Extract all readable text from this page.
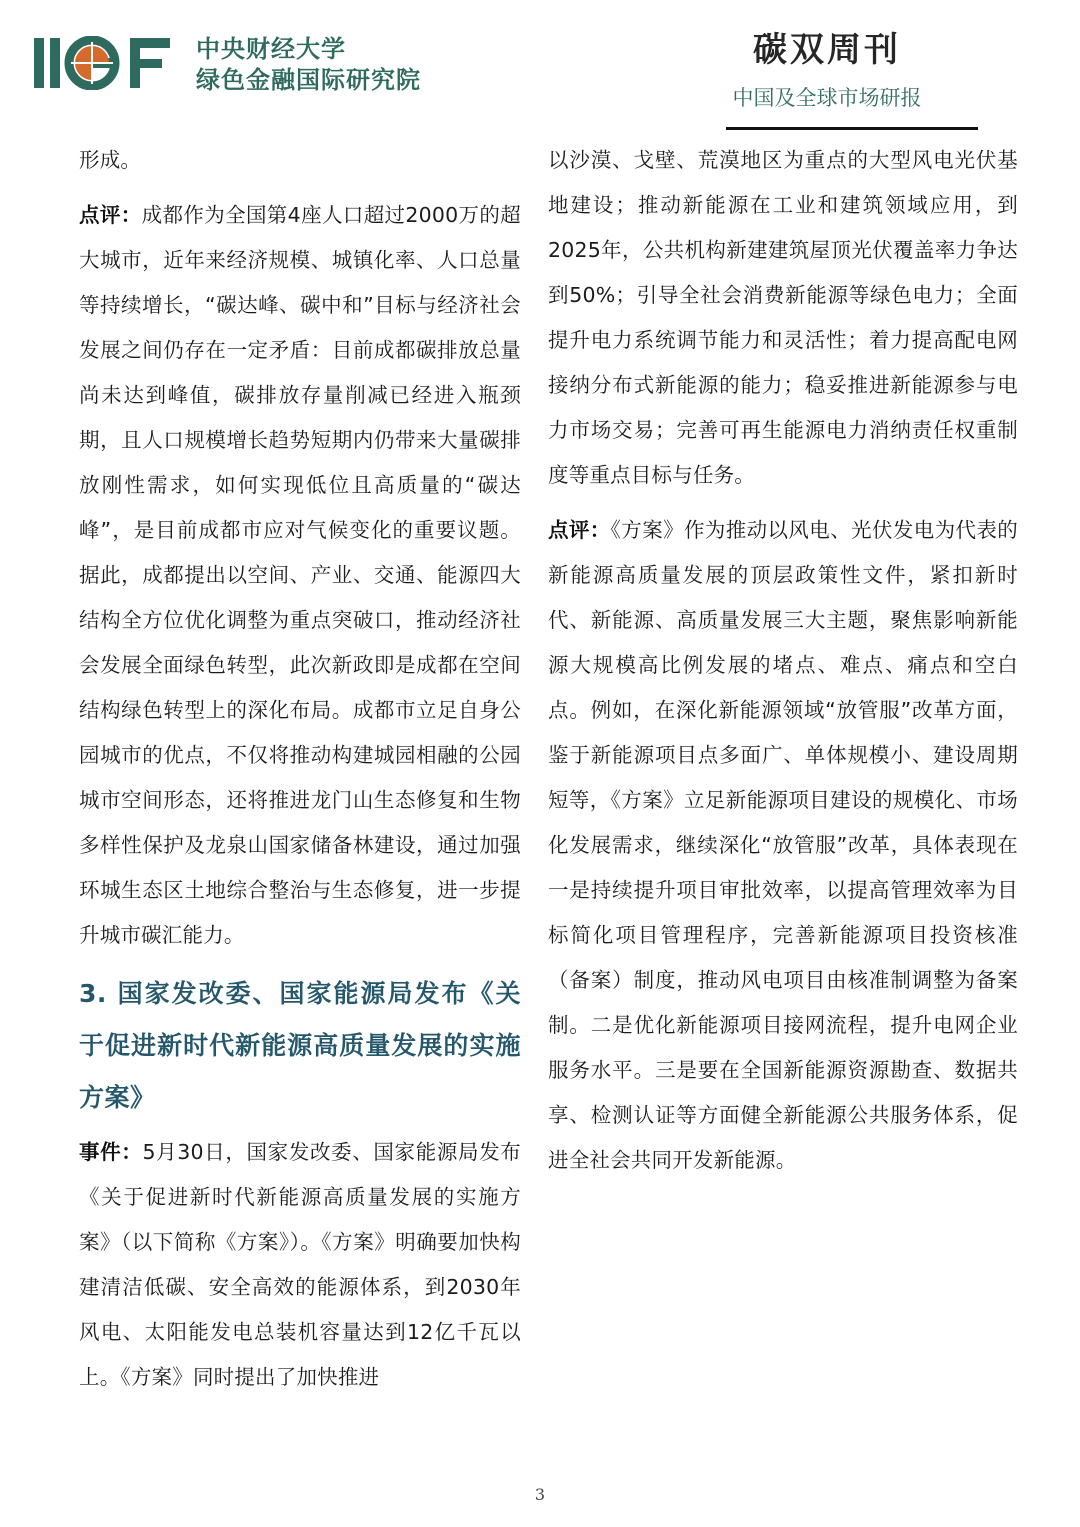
中央财经大学
绿色金融国际研究院
碳双周刊
中国及全球市场研报

形成。

点评：成都作为全国第4座人口超过2000万的超大城市，近年来经济规模、城镇化率、人口总量等持续增长，“碳达峰、碳中和”目标与经济社会发展之间仍存在一定矛盾：目前成都碳排放总量尚未达到峰值，碳排放存量削减已经进入瓶颈期，且人口规模增长趋势短期内仍带来大量碳排放刚性需求，如何实现低位且高质量的“碳达峰”，是目前成都市应对气候变化的重要议题。据此，成都提出以空间、产业、交通、能源四大结构全方位优化调整为重点突破口，推动经济社会发展全面绿色转型，此次新政即是成都在空间结构绿色转型上的深化布局。成都市立足自身公园城市的优点，不仅将推动构建城园相融的公园城市空间形态，还将推进龙门山生态修复和生物多样性保护及龙泉山国家储备林建设，通过加强环城生态区土地综合整治与生态修复，进一步提升城市碳汇能力。

3. 国家发改委、国家能源局发布《关于促进新时代新能源高质量发展的实施方案》

事件：5月30日，国家发改委、国家能源局发布《关于促进新时代新能源高质量发展的实施方案》（以下简称《方案》）。《方案》明确要加快构建清洁低碳、安全高效的能源体系，到2030年风电、太阳能发电总装机容量达到12亿千瓦以上。《方案》同时提出了加快推进

以沙漠、戈壁、荒漠地区为重点的大型风电光伏基地建设；推动新能源在工业和建筑领域应用，到2025年，公共机构新建建筑屋顶光伏覆盖率力争达到50%；引导全社会消费新能源等绿色电力；全面提升电力系统调节能力和灵活性；着力提高配电网接纳分布式新能源的能力；稳妥推进新能源参与电力市场交易；完善可再生能源电力消纳责任权重制度等重点目标与任务。

点评：《方案》作为推动以风电、光伏发电为代表的新能源高质量发展的顶层政策性文件，紧扣新时代、新能源、高质量发展三大主题，聚焦影响新能源大规模高比例发展的堵点、难点、痛点和空白点。例如，在深化新能源领域“放管服”改革方面，鉴于新能源项目点多面广、单体规模小、建设周期短等，《方案》立足新能源项目建设的规模化、市场化发展需求，继续深化“放管服”改革，具体表现在一是持续提升项目审批效率，以提高管理效率为目标简化项目管理程序，完善新能源项目投资核准（备案）制度，推动风电项目由核准制调整为备案制。二是优化新能源项目接网流程，提升电网企业服务水平。三是要在全国新能源资源勘查、数据共享、检测认证等方面健全新能源公共服务体系，促进全社会共同开发新能源。

3
